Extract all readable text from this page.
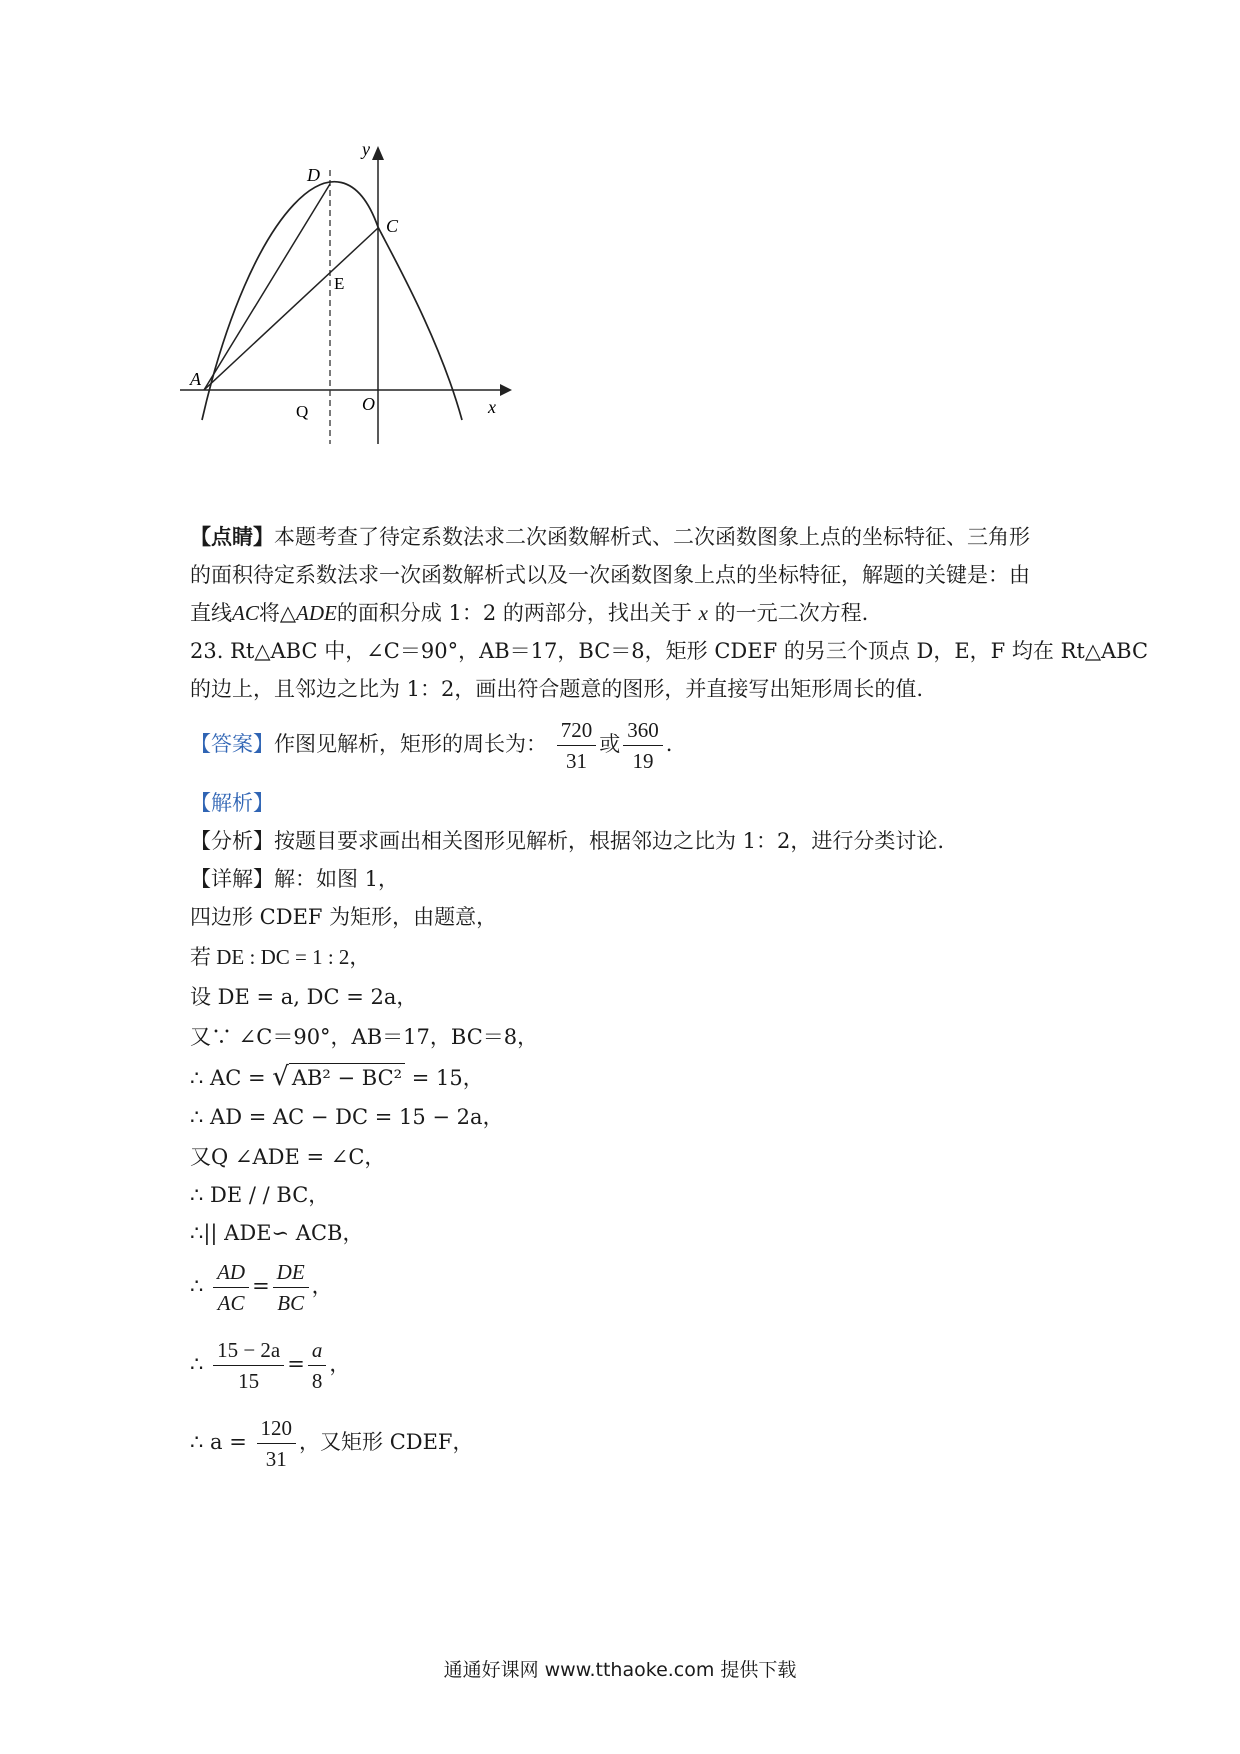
y
x
D
C
E
A
Q	O
【点睛】本题考查了待定系数法求二次函数解析式、二次函数图象上点的坐标特征、三角形
的面积待定系数法求一次函数解析式以及一次函数图象上点的坐标特征，解题的关键是：由
直线AC将△ADE的面积分成 1：2 的两部分，找出关于 x 的一元二次方程.
23. Rt△ABC 中，∠C＝90°，AB＝17，BC＝8，矩形 CDEF 的另三个顶点 D，E，F 均在 Rt△ABC
的边上，且邻边之比为 1：2，画出符合题意的图形，并直接写出矩形周长的值.
【答案】作图见解析，矩形的周长为： $\frac{720}{31}$ 或 $\frac{360}{19}$ .
【解析】
【分析】按题目要求画出相关图形见解析，根据邻边之比为 1：2，进行分类讨论.
【详解】解：如图 1，
四边形 CDEF 为矩形，由题意，
若 DE : DC = 1 : 2，
设 DE = a, DC = 2a，
又∵ ∠C＝90°，AB＝17，BC＝8，
∴ AC = √ AB² − BC² = 15，
∴ AD = AC − DC = 15 − 2a，
又Q ∠ADE = ∠C，
∴ DE / / BC，
∴|| ADE∽ ACB，
∴ $\frac{AD}{AC} = \frac{DE}{BC}$ ，
∴ $\frac{15 - 2a}{15} = \frac{a}{8}$ ，
∴ $a = \frac{120}{31}$ ，又矩形 CDEF，
通通好课网 www.tthaoke.com 提供下载
